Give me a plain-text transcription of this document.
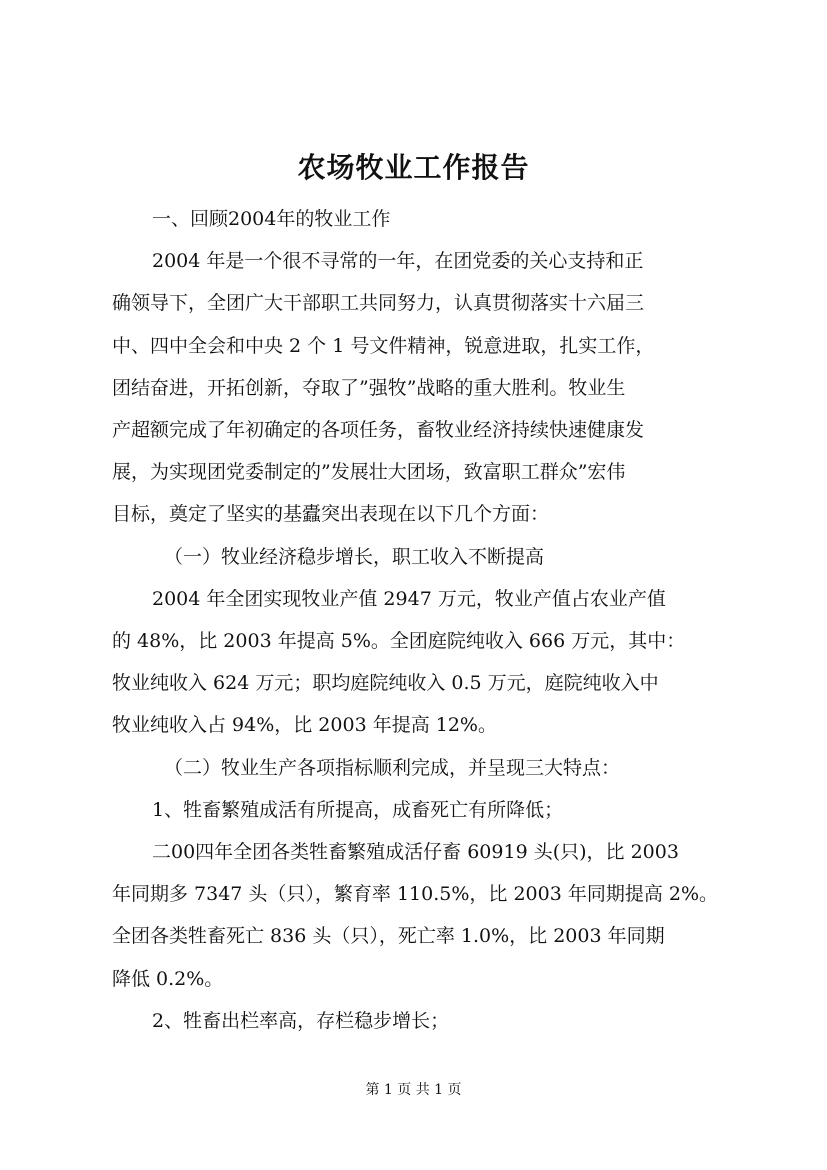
农场牧业工作报告

一、回顾2004年的牧业工作

2004 年是一个很不寻常的一年，在团党委的关心支持和正

确领导下，全团广大干部职工共同努力，认真贯彻落实十六届三

中、四中全会和中央 2 个 1 号文件精神，锐意进取，扎实工作，

团结奋进，开拓创新，夺取了”强牧”战略的重大胜利。牧业生

产超额完成了年初确定的各项任务，畜牧业经济持续快速健康发

展，为实现团党委制定的”发展壮大团场，致富职工群众”宏伟

目标，奠定了坚实的基蠹突出表现在以下几个方面：

（一）牧业经济稳步增长，职工收入不断提高

2004 年全团实现牧业产值 2947 万元，牧业产值占农业产值

的 48%，比 2003 年提高 5%。全团庭院纯收入 666 万元，其中：

牧业纯收入 624 万元；职均庭院纯收入 0.5 万元，庭院纯收入中

牧业纯收入占 94%，比 2003 年提高 12%。

（二）牧业生产各项指标顺利完成，并呈现三大特点：

1、牲畜繁殖成活有所提高，成畜死亡有所降低；

二00四年全团各类牲畜繁殖成活仔畜 60919 头(只)，比 2003

年同期多 7347 头（只），繁育率 110.5%，比 2003 年同期提高 2%。

全团各类牲畜死亡 836 头（只），死亡率 1.0%，比 2003 年同期

降低 0.2%。

2、牲畜出栏率高，存栏稳步增长；

第 1 页 共 1 页
